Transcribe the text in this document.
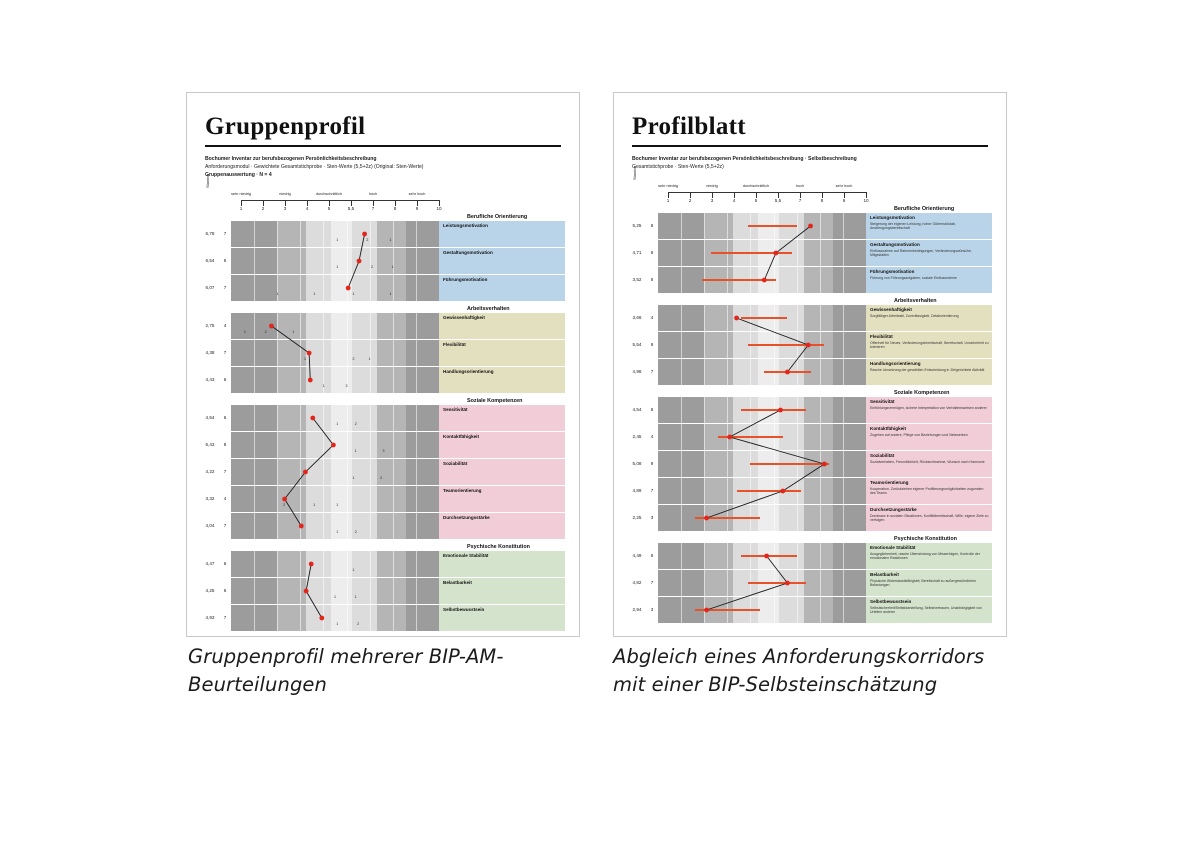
Gruppenprofil
Bochumer Inventar zur berufsbezogenen Persönlichkeitsbeschreibung
Anforderungsmodul · Gewichtete Gesamtstichprobe · Sten-Werte (5,5+2z) (Original: Sten-Werte)
Gruppenauswertung · N = 4
Stanine
1
sehr niedrig
2	3
niedrig
4	5
durchschnittlich
5,5	7
hoch
8	9
sehr hoch
10
Berufliche Orientierung
6,78	7
1	2	1
Leistungsmotivation
6,54	6
1	2	1
Gestaltungsmotivation
6,07	7
1	1	1	1
Führungsmotivation
Arbeitsverhalten
2,75	4
1	2	1
Gewissenhaftigkeit
4,38	7
1	2	1
Flexibilität
4,43	6
1	3
Handlungsorientierung
Soziale Kompetenzen
4,54	6
1	2
Sensitivität
5,43	8
1	3
Kontaktfähigkeit
4,22	7
1	2
Soziabilität
3,32	4
2	1	1
Teamorientierung
4,04	7
1	2
Durchsetzungsstärke
Psychische Konstitution
4,47	6
1
Emotionale Stabilität
4,25	6
1	1
Belastbarkeit
4,93	7
1	2
Selbstbewusstsein
Profilblatt
Bochumer Inventar zur berufsbezogenen Persönlichkeitsbeschreibung · Selbstbeschreibung
Gesamtstichprobe · Sten-Werte (5,5+2z)
Stanine
1
sehr niedrig
2	3
niedrig
4	5
durchschnittlich
5,5	7
hoch
8	9
sehr hoch
10
Berufliche Orientierung
5,25	6
Leistungsmotivation
Steigerung der eigenen Leistung, hoher Gütermaßstab, Anstrengungsbereitschaft
4,71	6
Gestaltungsmotivation
Einflussnahme auf Rahmenbedingungen, Veränderungswünsche, Mitgestalten
3,52	6
Führungsmotivation
Führung von Führungsaufgaben, soziale Einflussnahme
Arbeitsverhalten
3,66	4
Gewissenhaftigkeit
Sorgfältiger Arbeitsstil, Zuverlässigkeit, Detailorientierung
5,54	9
Flexibilität
Offenheit für Neues, Veränderungsbereitschaft, Bereitschaft, Unsicherheit zu tolerieren
4,98	7
Handlungsorientierung
Rasche Umsetzung der gewählten Entscheidung in Zielgerichtete Aktivität
Soziale Kompetenzen
4,54	6
Sensitivität
Einfühlungsvermögen, sichere Interpretation von Verhaltensweisen anderer
2,45	4
Kontaktfähigkeit
Zugehen auf andere, Pflege von Beziehungen und Netzwerken
5,08	9
Soziabilität
Sozialverhalten, Freundlichkeit, Rücksichtnahme, Wunsch nach Harmonie
4,89	7
Teamorientierung
Kooperation, Zurückziehen eigener Profilierungsmöglichkeiten zugunsten des Teams
2,25	3
Durchsetzungsstärke
Dominanz in sozialen Situationen, Konfliktbereitschaft, Wille, eigene Ziele zu verfolgen
Psychische Konstitution
4,49	6
Emotionale Stabilität
Ausgeglichenheit, rasche Überwindung von Misserfolgen, Kontrolle der emotionalen Reaktionen
4,82	7
Belastbarkeit
Physische Widerstandsfähigkeit, Bereitschaft zu außergewöhnlichen Belastungen
2,94	3
Selbstbewusstsein
Selbstsicherheit/Selbstdarstellung, Selbstvertrauen, Unabhängigkeit von Urteilen anderer
Gruppenprofil mehrerer BIP-AM-Beurteilungen
Abgleich eines Anforderungskorridors mit einer BIP-Selbsteinschätzung
